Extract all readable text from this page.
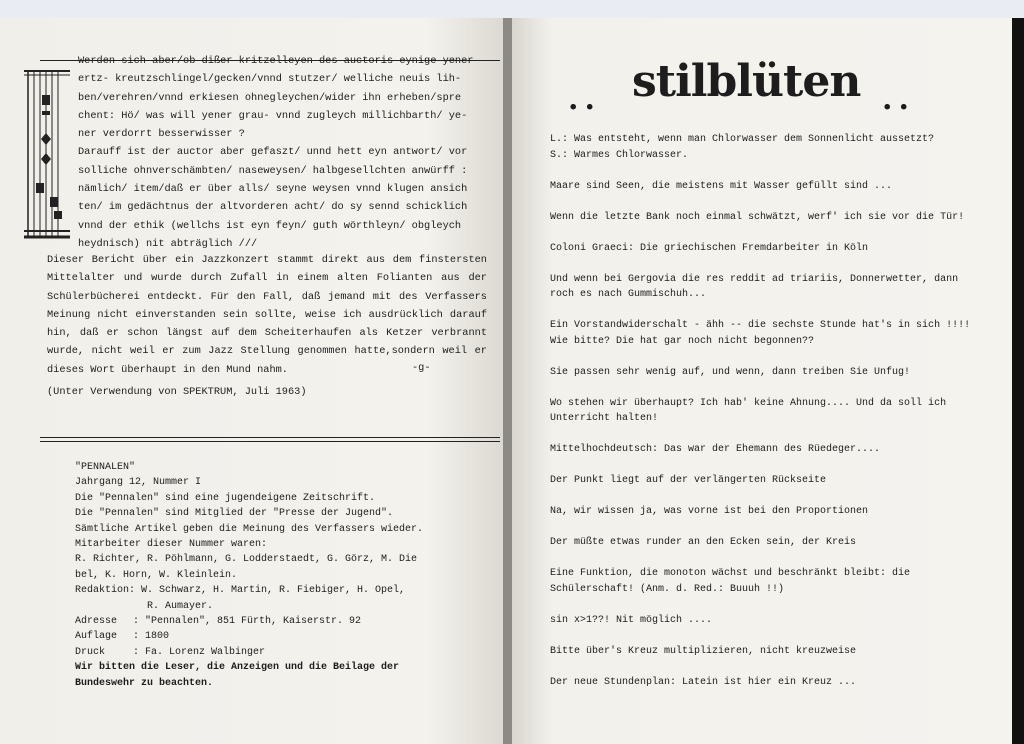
Werden sich aber/ob dißer kritzelleyen des auctoris eynige yener
ertz- kreutzschlingel/gecken/vnnd stutzer/ welliche neuis lih-
ben/verehren/vnnd erkiesen ohnegleychen/wider ihn erheben/spre
chent: Hö/ was will yener grau- vnnd zugleych millichbarth/ ye-
ner verdorrt besserwisser ?
Darauff ist der auctor aber gefaszt/ unnd hett eyn antwort/ vor
solliche ohnverschämbten/ naseweysen/ halbgesellchten anwürff :
nämlich/ item/daß er über alls/ seyne weysen vnnd klugen ansich
ten/ im gedächtnus der altvorderen acht/ do sy sennd schicklich
vnnd der ethik (wellchs ist eyn feyn/ guth wörthleyn/ obgleych
heydnisch) nit abträglich ///
Dieser Bericht über ein Jazzkonzert stammt direkt aus dem finstersten Mittelalter und wurde durch Zufall in einem alten Folianten aus der Schülerbücherei entdeckt. Für den Fall, daß jemand mit des Verfassers Meinung nicht einverstanden sein sollte, weise ich ausdrücklich darauf hin, daß er schon längst auf dem Scheiterhaufen als Ketzer verbrannt wurde, nicht weil er zum Jazz Stellung genommen hatte,sondern weil er dieses Wort überhaupt in den Mund nahm.	-g-
(Unter Verwendung von SPEKTRUM, Juli 1963)
"PENNALEN"
Jahrgang 12, Nummer I
Die "Pennalen" sind eine jugendeigene Zeitschrift.
Die "Pennalen" sind Mitglied der "Presse der Jugend".
Sämtliche Artikel geben die Meinung des Verfassers wieder.
Mitarbeiter dieser Nummer waren:
R. Richter, R. Pöhlmann, G. Lodderstaedt, G. Görz, M. Die
bel, K. Horn, W. Kleinlein.
Redaktion: W. Schwarz, H. Martin, R. Fiebiger, H. Opel,
R. Aumayer.
Adresse	: "Pennalen", 851 Fürth, Kaiserstr. 92
Auflage	: 1800
Druck	: Fa. Lorenz Walbinger
Wir bitten die Leser, die Anzeigen und die Beilage der
Bundeswehr zu beachten.
.. stilblüten ..
L.: Was entsteht, wenn man Chlorwasser dem Sonnenlicht aussetzt?
S.: Warmes Chlorwasser.
Maare sind Seen, die meistens mit Wasser gefüllt sind ...
Wenn die letzte Bank noch einmal schwätzt, werf' ich sie vor die Tür!
Coloni Graeci: Die griechischen Fremdarbeiter in Köln
Und wenn bei Gergovia die res reddit ad triariis, Donnerwetter, dann roch es nach Gummischuh...
Ein Vorstandwiderschalt - ähh -- die sechste Stunde hat's in sich !!!! Wie bitte? Die hat gar noch nicht begonnen??
Sie passen sehr wenig auf, und wenn, dann treiben Sie Unfug!
Wo stehen wir überhaupt? Ich hab' keine Ahnung.... Und da soll ich Unterricht halten!
Mittelhochdeutsch: Das war der Ehemann des Rüedeger....
Der Punkt liegt auf der verlängerten Rückseite
Na, wir wissen ja, was vorne ist bei den Proportionen
Der müßte etwas runder an den Ecken sein, der Kreis
Eine Funktion, die monoton wächst und beschränkt bleibt: die Schülerschaft! (Anm. d. Red.: Buuuh !!)
sin x>1??! Nit möglich ....
Bitte über's Kreuz multiplizieren, nicht kreuzweise
Der neue Stundenplan: Latein ist hier ein Kreuz ...
